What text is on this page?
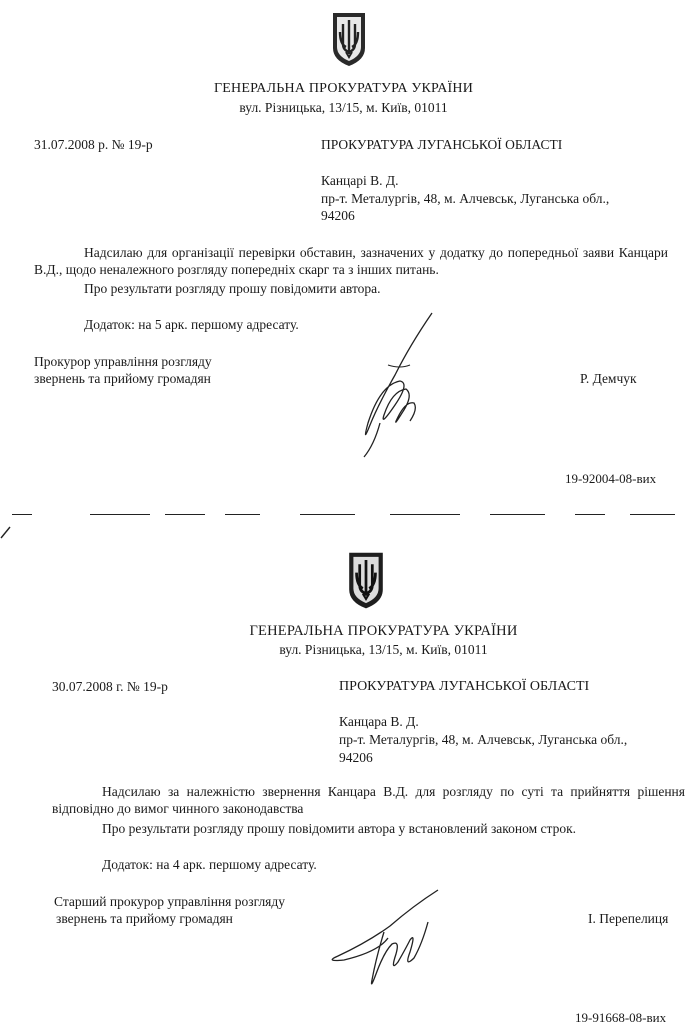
ГЕНЕРАЛЬНА ПРОКУРАТУРА УКРАЇНИ
вул. Різницька, 13/15, м. Київ, 01011
31.07.2008 р. № 19-р	ПРОКУРАТУРА ЛУГАНСЬКОЇ ОБЛАСТІ
Канцарі В. Д.
пр-т. Металургів, 48, м. Алчевськ, Луганська обл.,
94206
Надсилаю для організації перевірки обставин, зазначених у додатку до попередньої заяви Канцари В.Д., щодо неналежного розгляду попередніх скарг та з інших питань.
Про результати розгляду прошу повідомити автора.
Додаток: на 5 арк. першому адресату.
Прокурор управління розгляду
звернень та прийому громадян	Р. Демчук
19-92004-08-вих
ГЕНЕРАЛЬНА ПРОКУРАТУРА УКРАЇНИ
вул. Різницька, 13/15, м. Київ, 01011
30.07.2008 г. № 19-р	ПРОКУРАТУРА ЛУГАНСЬКОЇ ОБЛАСТІ
Канцара В. Д.
пр-т. Металургів, 48, м. Алчевськ, Луганська обл.,
94206
Надсилаю за належністю звернення Канцара В.Д. для розгляду по суті та прийняття рішення відповідно до вимог чинного законодавства
Про результати розгляду прошу повідомити автора у встановлений законом строк.
Додаток: на 4 арк. першому адресату.
Старший прокурор управління розгляду
звернень та прийому громадян	І. Перепелиця
19-91668-08-вих
